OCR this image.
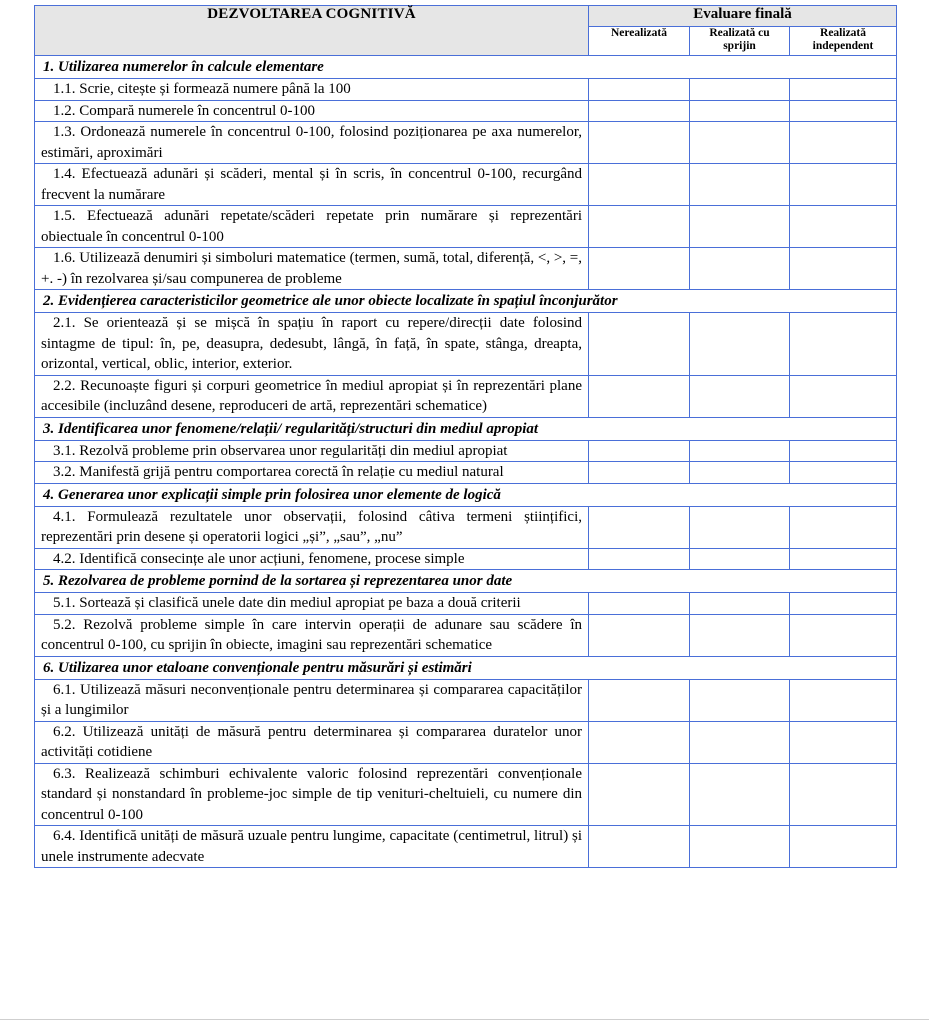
DEZVOLTAREA COGNITIVĂ	Evaluare finală		
	Nerealizată	Realizată cu sprijin	Realizată independent
1. Utilizarea numerelor în calcule elementare			
1.1. Scrie, citește și formează numere până la 100			
1.2. Compară numerele în concentrul 0-100			
1.3. Ordonează numerele în concentrul 0-100, folosind poziționarea pe axa numerelor, estimări, aproximări			
1.4. Efectuează adunări și scăderi, mental și în scris, în concentrul 0-100, recurgând frecvent la numărare			
1.5. Efectuează adunări repetate/scăderi repetate prin numărare și reprezentări obiectuale în concentrul 0-100			
1.6. Utilizează denumiri și simboluri matematice (termen, sumă, total, diferență, <, >, =, +. -) în rezolvarea și/sau compunerea de probleme			
2. Evidențierea caracteristicilor geometrice ale unor obiecte localizate în spațiul înconjurător			
2.1. Se orientează și se mișcă în spațiu în raport cu repere/direcții date folosind sintagme de tipul: în, pe, deasupra, dedesubt, lângă, în față, în spate, stânga, dreapta, orizontal, vertical, oblic, interior, exterior.			
2.2. Recunoaște figuri și corpuri geometrice în mediul apropiat și în reprezentări plane accesibile (incluzând desene, reproduceri de artă, reprezentări schematice)			
3. Identificarea unor fenomene/relații/ regularități/structuri din mediul apropiat			
3.1. Rezolvă probleme prin observarea unor regularități din mediul apropiat			
3.2. Manifestă grijă pentru comportarea corectă în relație cu mediul natural			
4. Generarea unor explicații simple prin folosirea unor elemente de logică			
4.1. Formulează rezultatele unor observații, folosind câtiva termeni științifici, reprezentări prin desene și operatorii logici „și”, „sau”, „nu”			
4.2. Identifică consecințe ale unor acțiuni, fenomene, procese simple			
5. Rezolvarea de probleme pornind de la sortarea și reprezentarea unor date			
5.1. Sortează și clasifică unele date din mediul apropiat pe baza a două criterii			
5.2. Rezolvă probleme simple în care intervin operații de adunare sau scădere în concentrul 0-100, cu sprijin în obiecte, imagini sau reprezentări schematice			
6. Utilizarea unor etaloane convenționale pentru măsurări și estimări			
6.1. Utilizează măsuri neconvenționale pentru determinarea și compararea capacităților și a lungimilor			
6.2. Utilizează unități de măsură pentru determinarea și compararea duratelor unor activități cotidiene			
6.3. Realizează schimburi echivalente valoric folosind reprezentări convenționale standard și nonstandard în probleme-joc simple de tip venituri-cheltuieli, cu numere din concentrul 0-100			
6.4. Identifică unități de măsură uzuale pentru lungime, capacitate (centimetrul, litrul) și unele instrumente adecvate			
